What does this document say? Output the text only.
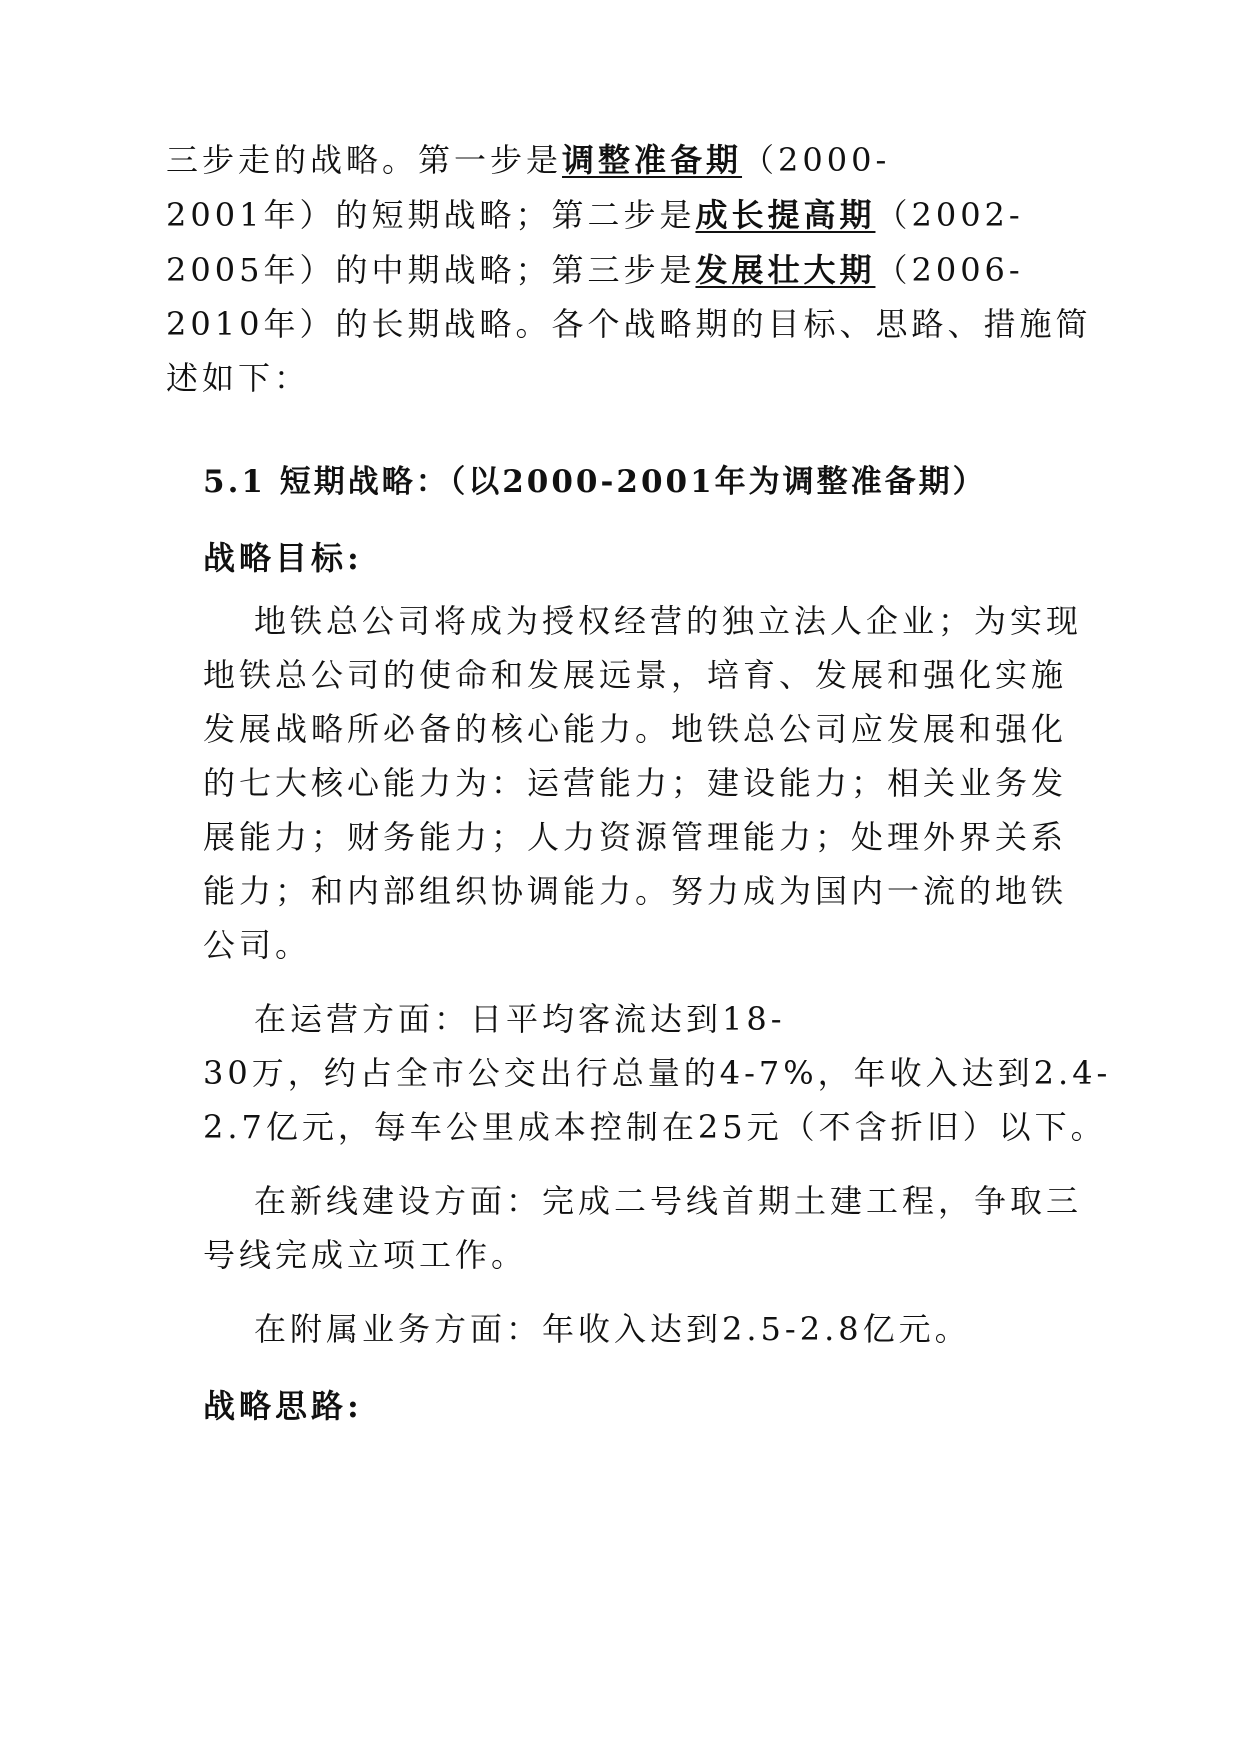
三步走的战略。第一步是调整准备期（2000-
2001年）的短期战略；第二步是成长提高期（2002-
2005年）的中期战略；第三步是发展壮大期（2006-
2010年）的长期战略。各个战略期的目标、思路、措施简
述如下：
5.1 短期战略：（以2000-2001年为调整准备期）
战略目标:
地铁总公司将成为授权经营的独立法人企业；为实现
地铁总公司的使命和发展远景，培育、发展和强化实施
发展战略所必备的核心能力。地铁总公司应发展和强化
的七大核心能力为：运营能力；建设能力；相关业务发
展能力；财务能力；人力资源管理能力；处理外界关系
能力；和内部组织协调能力。努力成为国内一流的地铁
公司。
在运营方面：日平均客流达到18-
30万，约占全市公交出行总量的4-7%，年收入达到2.4-
2.7亿元，每车公里成本控制在25元（不含折旧）以下。
在新线建设方面：完成二号线首期土建工程，争取三
号线完成立项工作。
在附属业务方面：年收入达到2.5-2.8亿元。
战略思路:
